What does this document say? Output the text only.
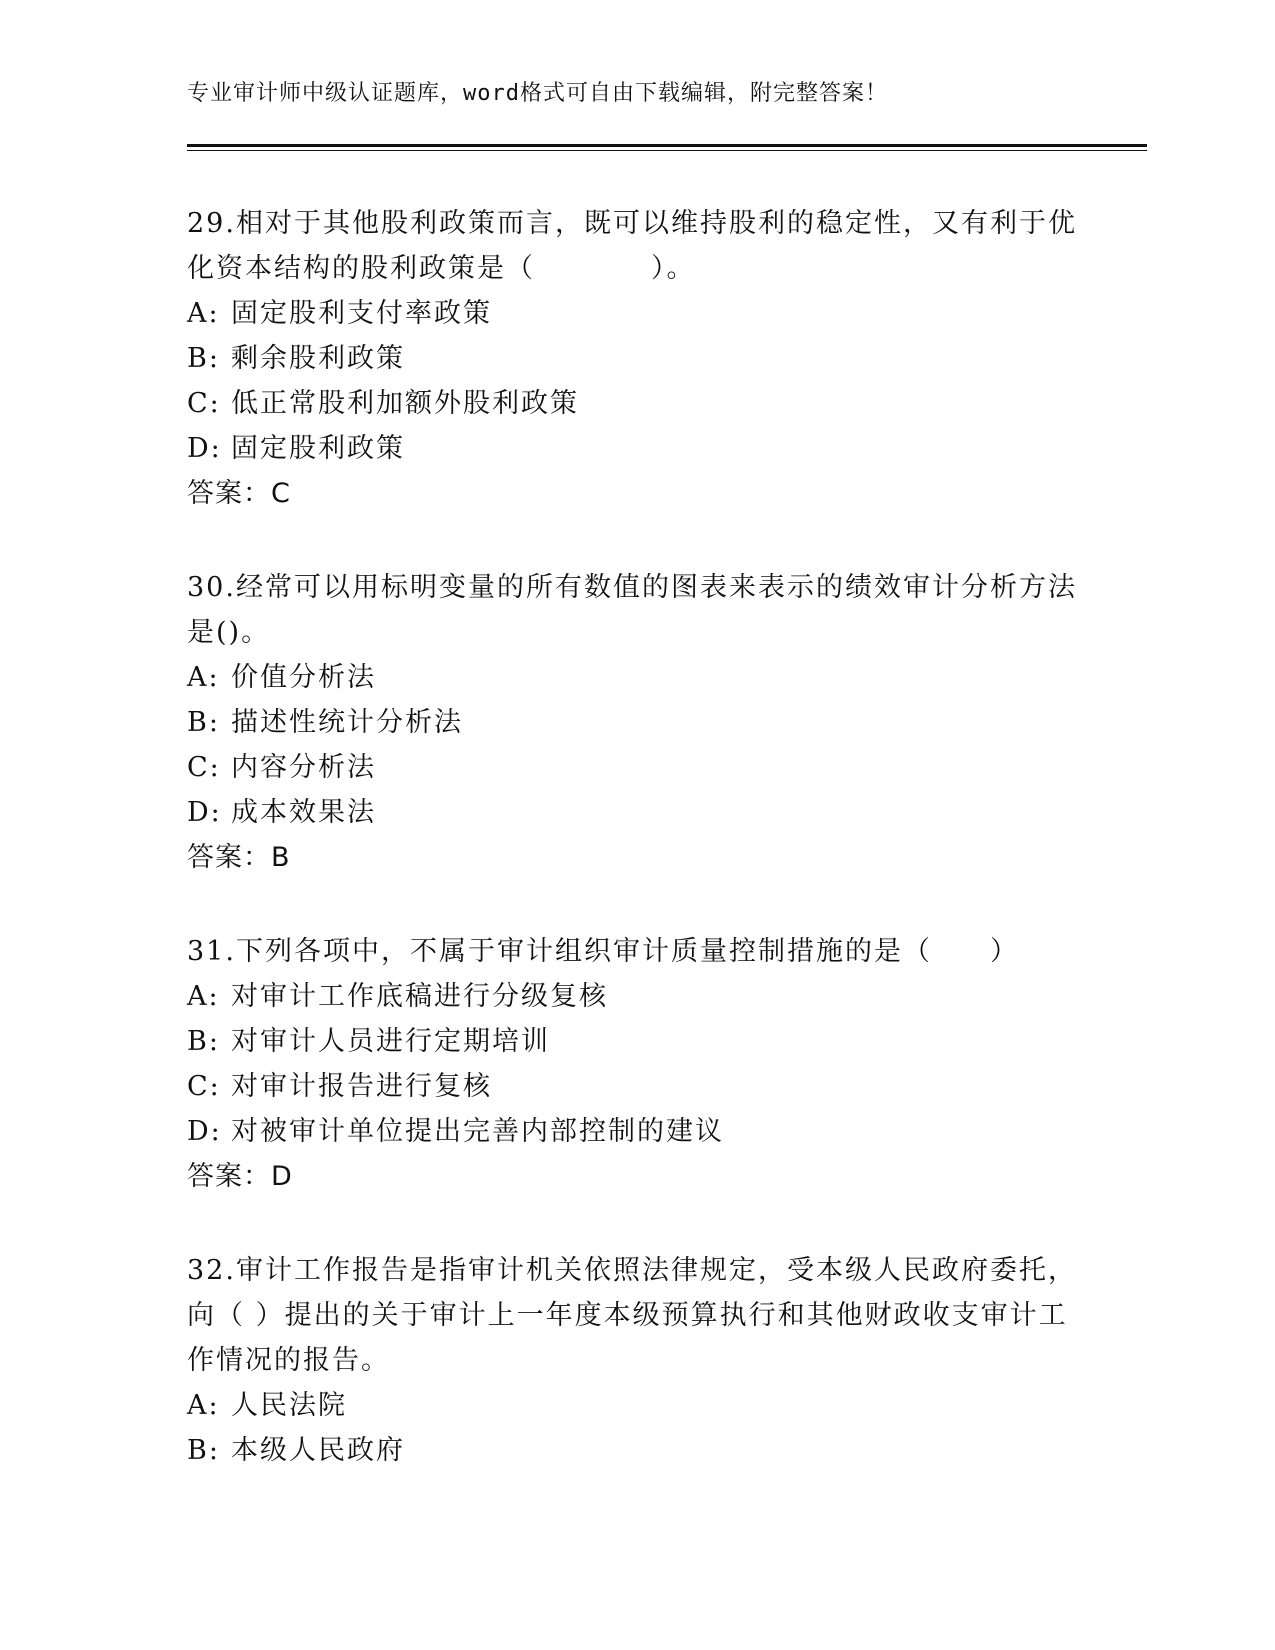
专业审计师中级认证题库，word格式可自由下载编辑，附完整答案！
29.相对于其他股利政策而言，既可以维持股利的稳定性，又有利于优化资本结构的股利政策是（　　　　）。
A: 固定股利支付率政策
B: 剩余股利政策
C: 低正常股利加额外股利政策
D: 固定股利政策
答案：C
30.经常可以用标明变量的所有数值的图表来表示的绩效审计分析方法是()。
A: 价值分析法
B: 描述性统计分析法
C: 内容分析法
D: 成本效果法
答案：B
31.下列各项中，不属于审计组织审计质量控制措施的是（　　）
A: 对审计工作底稿进行分级复核
B: 对审计人员进行定期培训
C: 对审计报告进行复核
D: 对被审计单位提出完善内部控制的建议
答案：D
32.审计工作报告是指审计机关依照法律规定，受本级人民政府委托，向（ ）提出的关于审计上一年度本级预算执行和其他财政收支审计工作情况的报告。
A: 人民法院
B: 本级人民政府
